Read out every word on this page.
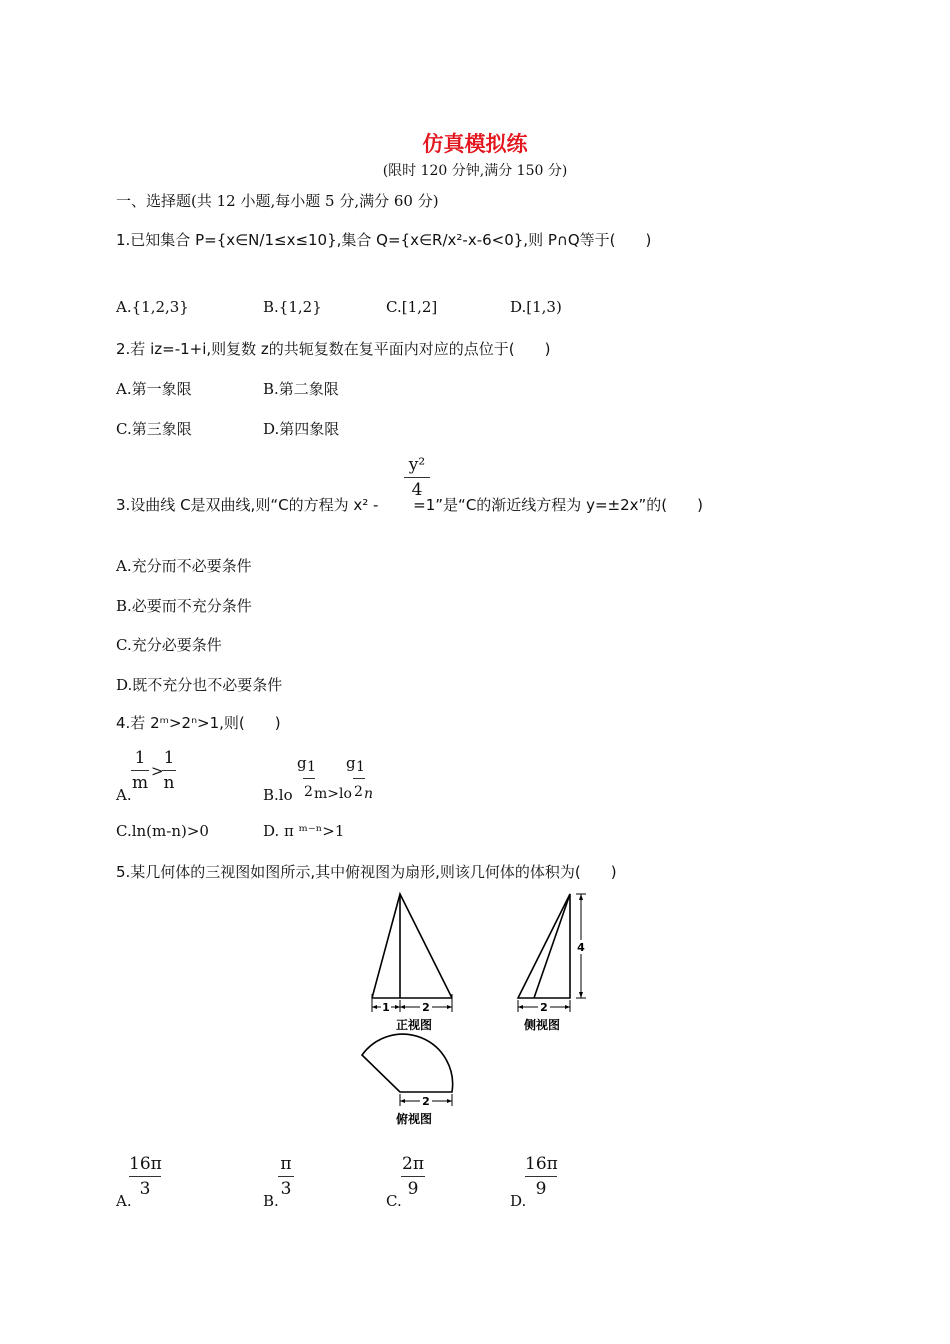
仿真模拟练
(限时 120 分钟,满分 150 分)
一、选择题(共 12 小题,每小题 5 分,满分 60 分)
1.已知集合 P={x∈N/1≤x≤10},集合 Q={x∈R/x²-x-6<0},则 P∩Q等于(　　)
A.{1,2,3}	B.{1,2}	C.[1,2]	D.[1,3)
2.若 iz=-1+i,则复数 z的共轭复数在复平面内对应的点位于(　　)
A.第一象限	B.第二象限
C.第三象限	D.第四象限
y²
4
3.设曲线 C是双曲线,则“C的方程为 x² -　　 =1”是“C的渐近线方程为 y=±2x”的(　　)
A.充分而不必要条件
B.必要而不充分条件
C.充分必要条件
D.既不充分也不必要条件
4.若 2ᵐ>2ⁿ>1,则(　　)
A.
1
m
>
1
n
B.lo
g 1
2 m>lo
g 1
2 n
C.ln(m-n)>0	D. π ᵐ⁻ⁿ>1
5.某几何体的三视图如图所示,其中俯视图为扇形,则该几何体的体积为(　　)
1	2
正视图
4
2
侧视图
2
俯视图
A.
16π
3
B.
π
3
C.
2π
9
D.
16π
9
